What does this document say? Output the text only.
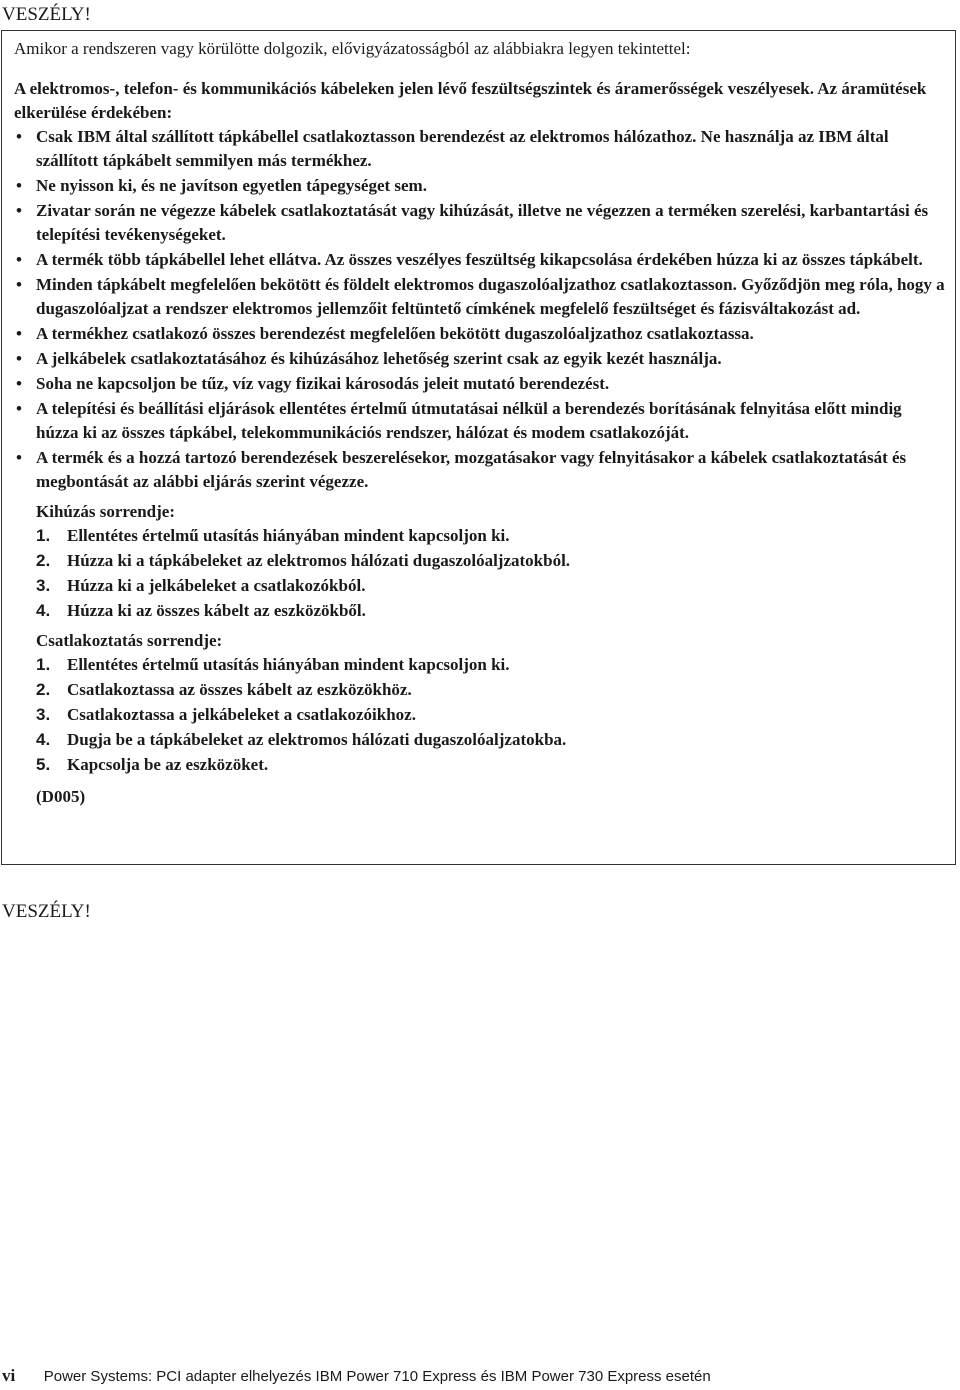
VESZÉLY!

Amikor a rendszeren vagy körülötte dolgozik, elővigyázatosságból az alábbiakra legyen tekintettel:

A elektromos-, telefon- és kommunikációs kábeleken jelen lévő feszültségszintek és áramerősségek veszélyesek. Az áramütések elkerülése érdekében:

• Csak IBM által szállított tápkábellel csatlakoztasson berendezést az elektromos hálózathoz. Ne használja az IBM által szállított tápkábelt semmilyen más termékhez.

• Ne nyisson ki, és ne javítson egyetlen tápegységet sem.

• Zivatar során ne végezze kábelek csatlakoztatását vagy kihúzását, illetve ne végezzen a terméken szerelési, karbantartási és telepítési tevékenységeket.

• A termék több tápkábellel lehet ellátva. Az összes veszélyes feszültség kikapcsolása érdekében húzza ki az összes tápkábelt.

• Minden tápkábelt megfelelően bekötött és földelt elektromos dugaszolóaljzathoz csatlakoztasson. Győződjön meg róla, hogy a dugaszolóaljzat a rendszer elektromos jellemzőit feltüntető címkének megfelelő feszültséget és fázisváltakozást ad.

• A termékhez csatlakozó összes berendezést megfelelően bekötött dugaszolóaljzathoz csatlakoztassa.

• A jelkábelek csatlakoztatásához és kihúzásához lehetőség szerint csak az egyik kezét használja.

• Soha ne kapcsoljon be tűz, víz vagy fizikai károsodás jeleit mutató berendezést.

• A telepítési és beállítási eljárások ellentétes értelmű útmutatásai nélkül a berendezés borításának felnyitása előtt mindig húzza ki az összes tápkábel, telekommunikációs rendszer, hálózat és modem csatlakozóját.

• A termék és a hozzá tartozó berendezések beszerelésekor, mozgatásakor vagy felnyitásakor a kábelek csatlakoztatását és megbontását az alábbi eljárás szerint végezze.

Kihúzás sorrendje:

1. Ellentétes értelmű utasítás hiányában mindent kapcsoljon ki.
2. Húzza ki a tápkábeleket az elektromos hálózati dugaszolóaljzatokból.
3. Húzza ki a jelkábeleket a csatlakozókból.
4. Húzza ki az összes kábelt az eszközökből.

Csatlakoztatás sorrendje:

1. Ellentétes értelmű utasítás hiányában mindent kapcsoljon ki.
2. Csatlakoztassa az összes kábelt az eszközökhöz.
3. Csatlakoztassa a jelkábeleket a csatlakozóikhoz.
4. Dugja be a tápkábeleket az elektromos hálózati dugaszolóaljzatokba.
5. Kapcsolja be az eszközöket.

(D005)

VESZÉLY!
vi Power Systems: PCI adapter elhelyezés IBM Power 710 Express és IBM Power 730 Express esetén
